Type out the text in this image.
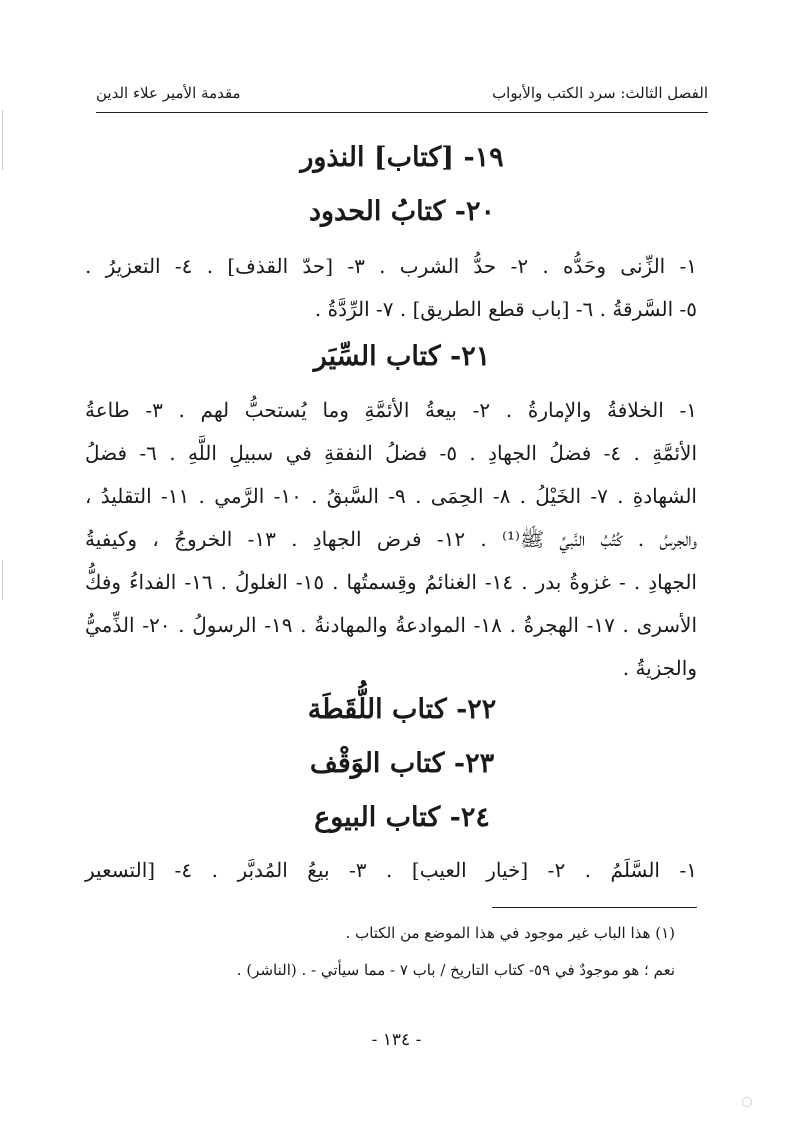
الفصل الثالث: سرد الكتب والأبواب
مقدمة الأمير علاء الدين
١٩- [كتاب] النذور
٢٠- كتابُ الحدود
١- الزِّنى وحَدُّه . ٢- حدُّ الشرب . ٣- [حدّ القذف] . ٤- التعزيرُ .
٥- السَّرقةُ . ٦- [باب قطع الطريق] . ٧- الرِّدَّةُ .
٢١- كتاب السِّيَر
١- الخلافةُ والإمارةُ . ٢- بيعةُ الأئمَّةِ وما يُستحبُّ لهم . ٣- طاعةُ
الأئمَّةِ . ٤- فضلُ الجهادِ . ٥- فضلُ النفقةِ في سبيلِ اللَّهِ . ٦- فضلُ
الشهادةِ . ٧- الخَيْلُ . ٨- الحِمَى . ٩- السَّبقُ . ١٠- الرَّمي . ١١- التقليدُ ،
والجرسُ . كُتُبُ النَّبيِّ ﷺ⁽¹⁾ . ١٢- فرض الجهادِ . ١٣- الخروجُ ، وكيفيةُ
الجهادِ . - غزوةُ بدر . ١٤- الغنائمُ وقِسمتُها . ١٥- الغلولُ . ١٦- الفداءُ وفكُّ
الأسرى . ١٧- الهجرةُ . ١٨- الموادعةُ والمهادنةُ . ١٩- الرسولُ . ٢٠- الذِّميُّ
والجزيةُ .
٢٢- كتاب اللُّقَطَة
٢٣- كتاب الوَقْف
٢٤- كتاب البيوع
١- السَّلَمُ . ٢- [خيار العيب] . ٣- بيعُ المُدبَّر . ٤- [التسعير
(١) هذا الباب غير موجود في هذا الموضع من الكتاب .
نعم ؛ هو موجودٌ في ٥٩- كتاب التاريخ / باب ٧ - مما سيأتي - . (الناشر) .
- ١٣٤ -
